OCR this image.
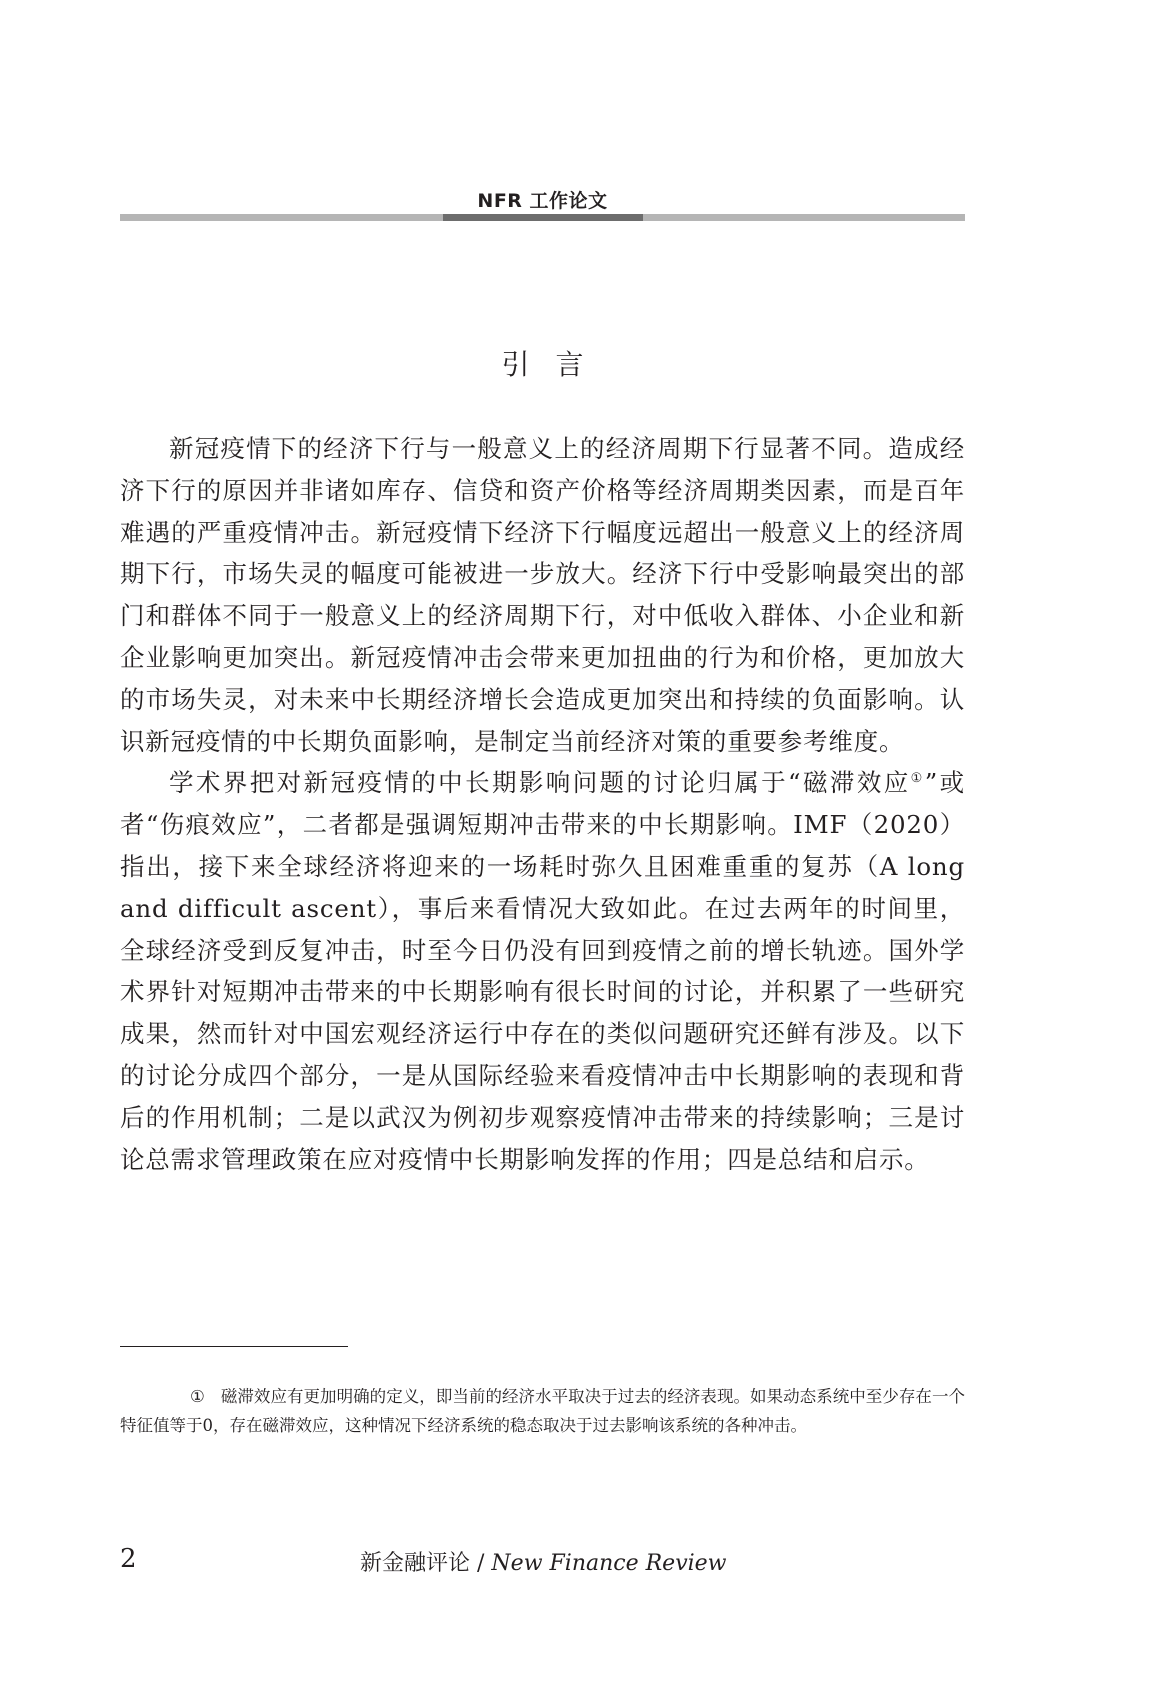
NFR 工作论文
引言

新冠疫情下的经济下行与一般意义上的经济周期下行显著不同。造成经济下行的原因并非诸如库存、信贷和资产价格等经济周期类因素，而是百年难遇的严重疫情冲击。新冠疫情下经济下行幅度远超出一般意义上的经济周期下行，市场失灵的幅度可能被进一步放大。经济下行中受影响最突出的部门和群体不同于一般意义上的经济周期下行，对中低收入群体、小企业和新企业影响更加突出。新冠疫情冲击会带来更加扭曲的行为和价格，更加放大的市场失灵，对未来中长期经济增长会造成更加突出和持续的负面影响。认识新冠疫情的中长期负面影响，是制定当前经济对策的重要参考维度。

学术界把对新冠疫情的中长期影响问题的讨论归属于“磁滞效应①”或者“伤痕效应”，二者都是强调短期冲击带来的中长期影响。IMF（2020）指出，接下来全球经济将迎来的一场耗时弥久且困难重重的复苏（A long and difficult ascent），事后来看情况大致如此。在过去两年的时间里，全球经济受到反复冲击，时至今日仍没有回到疫情之前的增长轨迹。国外学术界针对短期冲击带来的中长期影响有很长时间的讨论，并积累了一些研究成果，然而针对中国宏观经济运行中存在的类似问题研究还鲜有涉及。以下的讨论分成四个部分，一是从国际经验来看疫情冲击中长期影响的表现和背后的作用机制；二是以武汉为例初步观察疫情冲击带来的持续影响；三是讨论总需求管理政策在应对疫情中长期影响发挥的作用；四是总结和启示。

① 磁滞效应有更加明确的定义，即当前的经济水平取决于过去的经济表现。如果动态系统中至少存在一个特征值等于0，存在磁滞效应，这种情况下经济系统的稳态取决于过去影响该系统的各种冲击。
2	新金融评论 / New Finance Review
